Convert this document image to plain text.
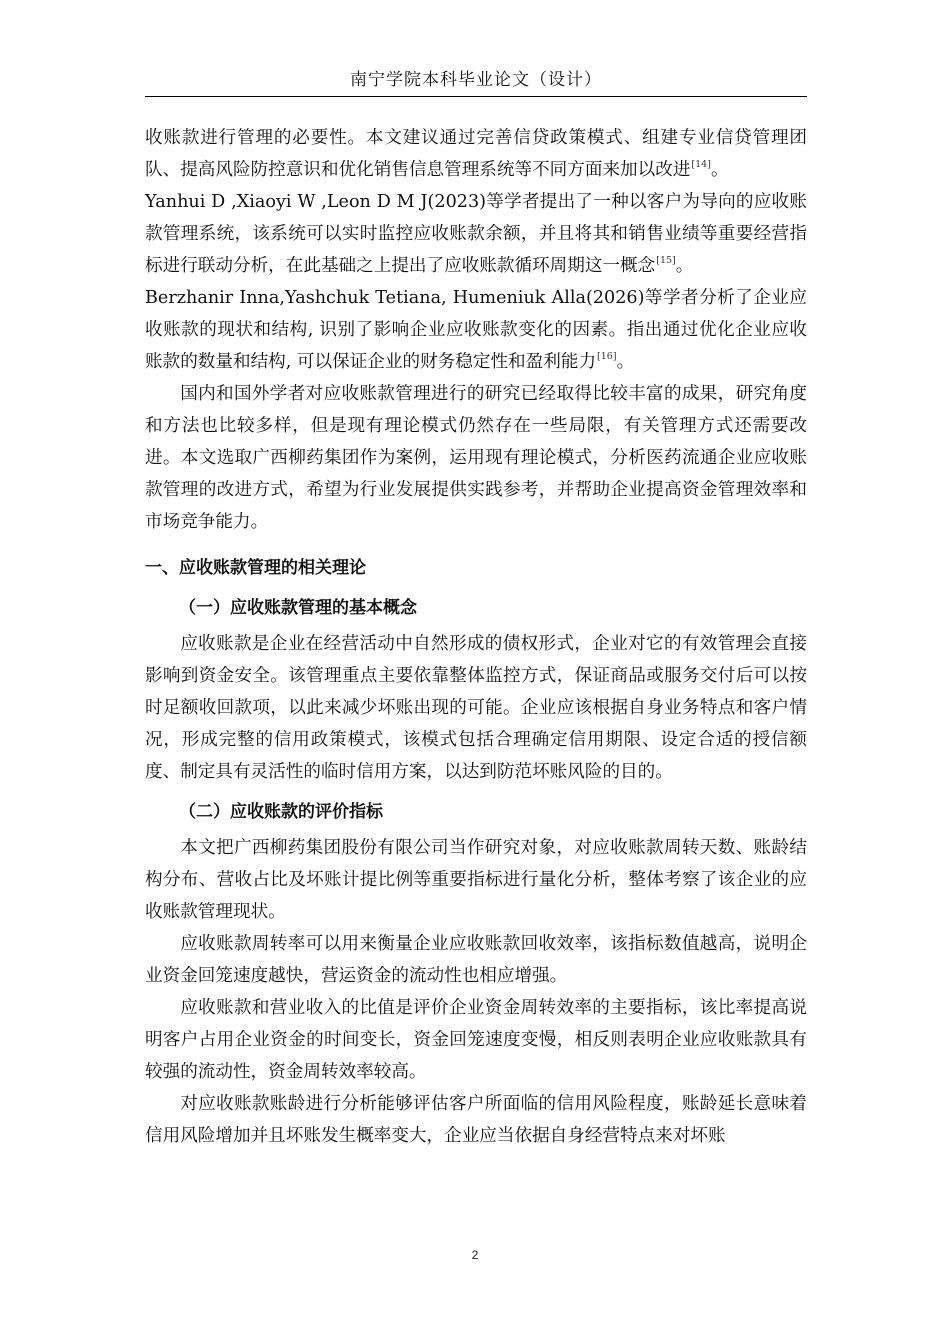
南宁学院本科毕业论文（设计）

收账款进行管理的必要性。本文建议通过完善信贷政策模式、组建专业信贷管理团队、提高风险防控意识和优化销售信息管理系统等不同方面来加以改进[14]。

Yanhui D ,Xiaoyi W ,Leon D M J(2023)等学者提出了一种以客户为导向的应收账款管理系统，该系统可以实时监控应收账款余额，并且将其和销售业绩等重要经营指标进行联动分析，在此基础之上提出了应收账款循环周期这一概念[15]。

Berzhanir Inna,Yashchuk Tetiana, Humeniuk Alla(2026)等学者分析了企业应收账款的现状和结构, 识别了影响企业应收账款变化的因素。指出通过优化企业应收账款的数量和结构, 可以保证企业的财务稳定性和盈利能力[16]。

国内和国外学者对应收账款管理进行的研究已经取得比较丰富的成果，研究角度和方法也比较多样，但是现有理论模式仍然存在一些局限，有关管理方式还需要改进。本文选取广西柳药集团作为案例，运用现有理论模式，分析医药流通企业应收账款管理的改进方式，希望为行业发展提供实践参考，并帮助企业提高资金管理效率和市场竞争能力。

一、应收账款管理的相关理论
（一）应收账款管理的基本概念

应收账款是企业在经营活动中自然形成的债权形式，企业对它的有效管理会直接影响到资金安全。该管理重点主要依靠整体监控方式，保证商品或服务交付后可以按时足额收回款项，以此来减少坏账出现的可能。企业应该根据自身业务特点和客户情况，形成完整的信用政策模式，该模式包括合理确定信用期限、设定合适的授信额度、制定具有灵活性的临时信用方案，以达到防范坏账风险的目的。

（二）应收账款的评价指标

本文把广西柳药集团股份有限公司当作研究对象，对应收账款周转天数、账龄结构分布、营收占比及坏账计提比例等重要指标进行量化分析，整体考察了该企业的应收账款管理现状。

应收账款周转率可以用来衡量企业应收账款回收效率，该指标数值越高，说明企业资金回笼速度越快，营运资金的流动性也相应增强。

应收账款和营业收入的比值是评价企业资金周转效率的主要指标，该比率提高说明客户占用企业资金的时间变长，资金回笼速度变慢，相反则表明企业应收账款具有较强的流动性，资金周转效率较高。

对应收账款账龄进行分析能够评估客户所面临的信用风险程度，账龄延长意味着信用风险增加并且坏账发生概率变大，企业应当依据自身经营特点来对坏账

2
